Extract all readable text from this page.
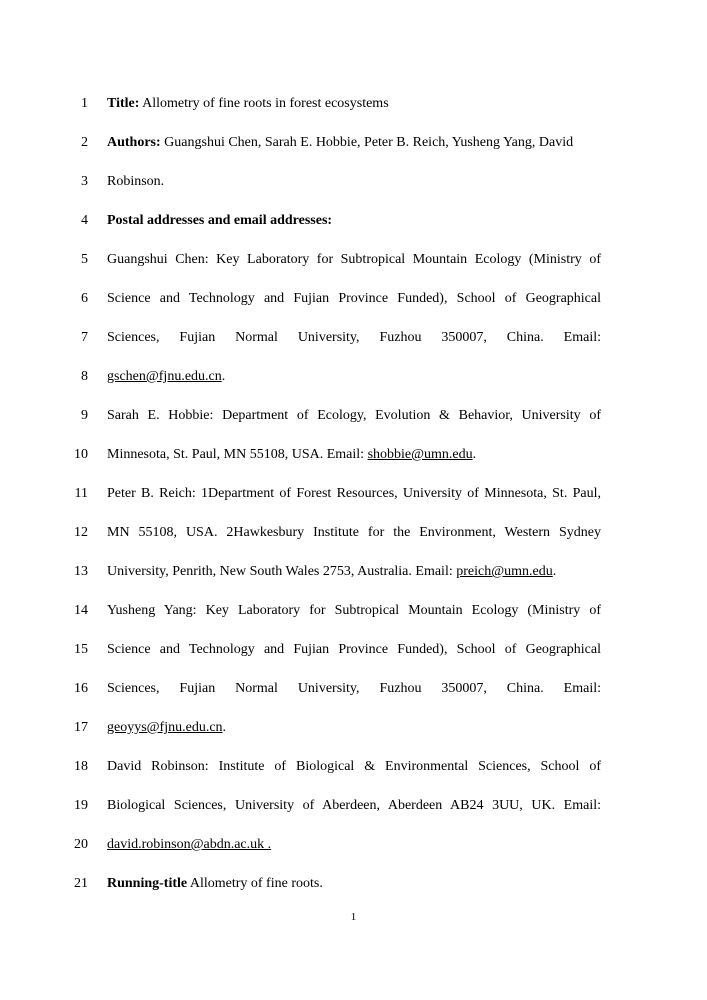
1 Title: Allometry of fine roots in forest ecosystems
2 Authors: Guangshui Chen, Sarah E. Hobbie, Peter B. Reich, Yusheng Yang, David
3 Robinson.
4 Postal addresses and email addresses:
5 Guangshui Chen: Key Laboratory for Subtropical Mountain Ecology (Ministry of
6 Science and Technology and Fujian Province Funded), School of Geographical
7 Sciences, Fujian Normal University, Fuzhou 350007, China. Email:
8 gschen@fjnu.edu.cn.
9 Sarah E. Hobbie: Department of Ecology, Evolution & Behavior, University of
10 Minnesota, St. Paul, MN 55108, USA. Email: shobbie@umn.edu.
11 Peter B. Reich: 1Department of Forest Resources, University of Minnesota, St. Paul,
12 MN 55108, USA. 2Hawkesbury Institute for the Environment, Western Sydney
13 University, Penrith, New South Wales 2753, Australia. Email: preich@umn.edu.
14 Yusheng Yang: Key Laboratory for Subtropical Mountain Ecology (Ministry of
15 Science and Technology and Fujian Province Funded), School of Geographical
16 Sciences, Fujian Normal University, Fuzhou 350007, China. Email:
17 geoyys@fjnu.edu.cn.
18 David Robinson: Institute of Biological & Environmental Sciences, School of
19 Biological Sciences, University of Aberdeen, Aberdeen AB24 3UU, UK. Email:
20 david.robinson@abdn.ac.uk .
21 Running-title Allometry of fine roots.
1
